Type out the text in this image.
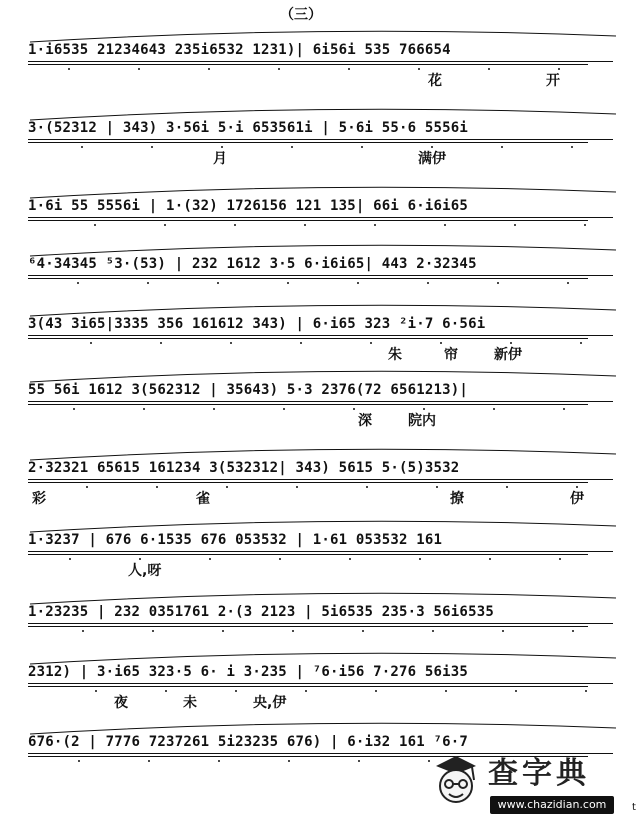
（三）
1·i6535 21234643 235i6532 1231)| 6i56i 535 766654
花	开
3·(52312 | 343) 3·56i 5·i 653561i | 5·6i 55·6 5556i
月	满伊
1·6i 55 5556i | 1·(32) 1726156 121 135| 66i 6·i6i65
⁶4·34345 ⁵3·(53) | 232 1612 3·5 6·i6i65| 443 2·32345
3(43 3i65|3335 356 161612 343) | 6·i65 323 ²i·7 6·56i
朱	帘	新伊
55 56i 1612 3(562312 | 35643) 5·3 2376(72 6561213)|
深	院内
2·32321 65615 161234 3(532312| 343) 5615 5·(5)3532
彩	雀	撩	伊
1·3237 | 676 6·1535 676 053532 | 1·61 053532 161
人,呀
1·23235 | 232 0351761 2·(3 2123 | 5i6535 235·3 56i6535
2312) | 3·i65 323·5 6· i 3·235 | ⁷6·i56 7·276 56i35
夜	未	央,伊
676·(2 | 7776 7237261 5i23235 676) | 6·i32 161 ⁷6·7
查字典
www.chazidian.com	t
